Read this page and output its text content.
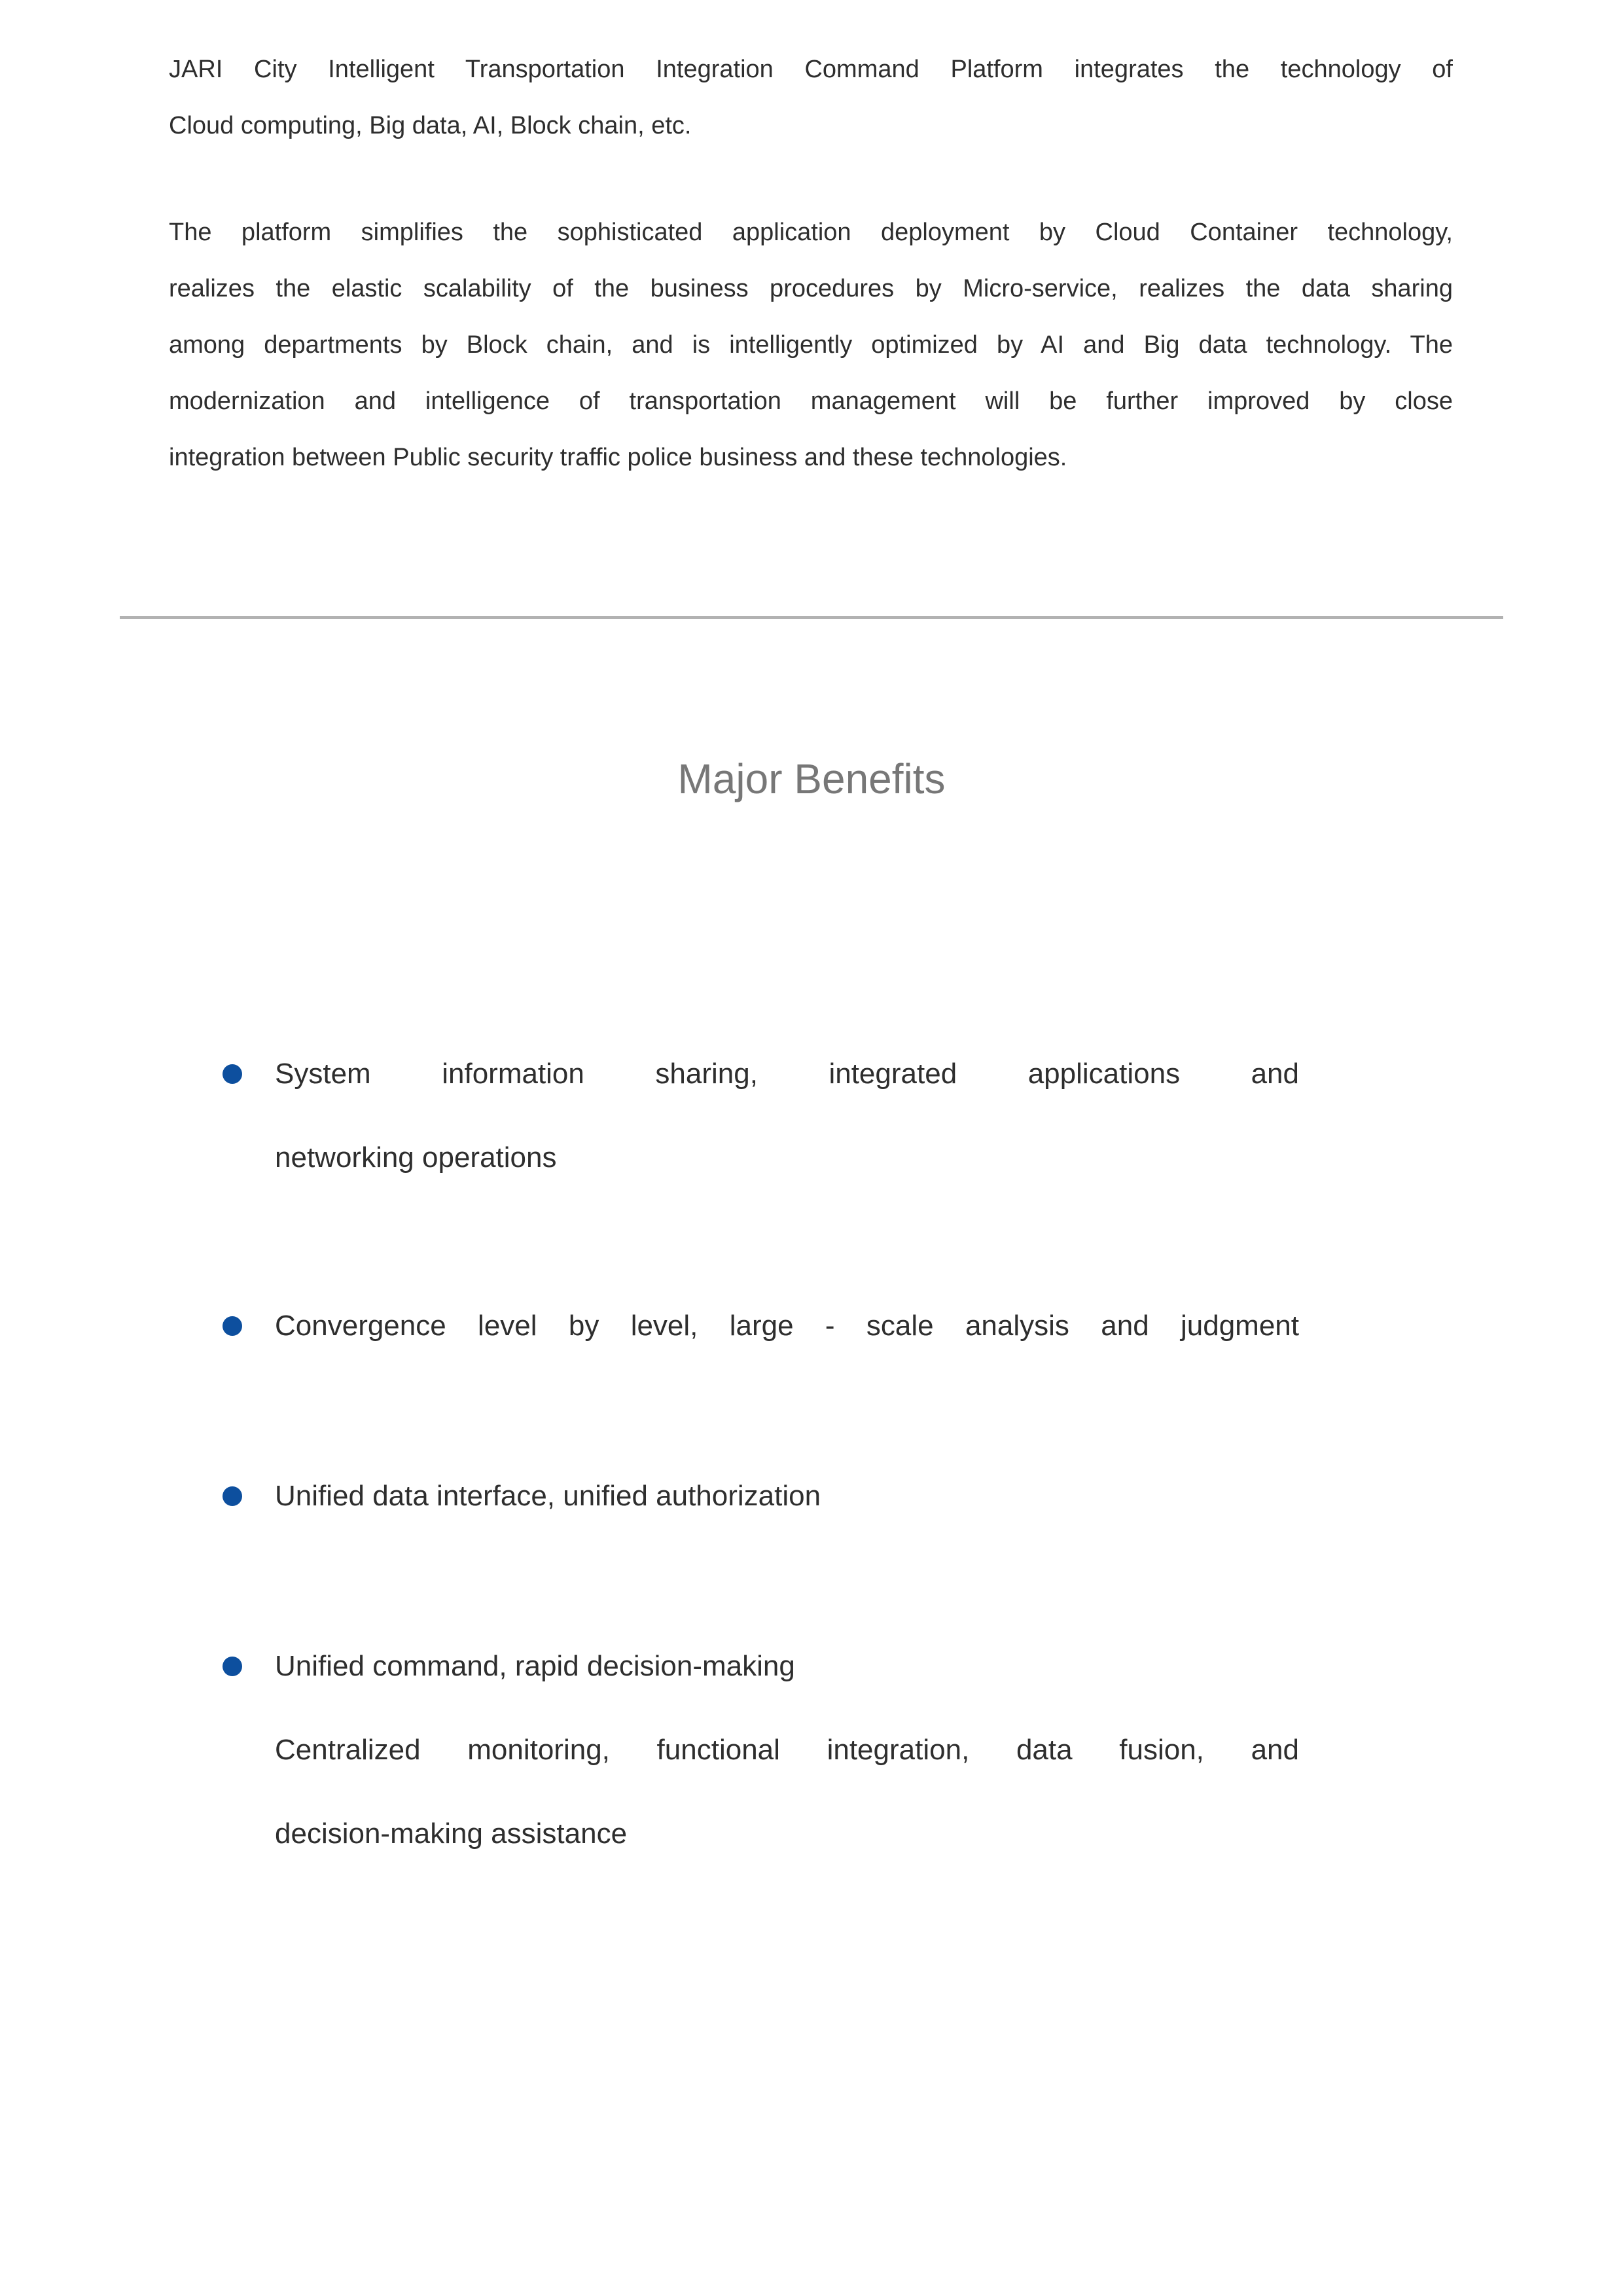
JARI City Intelligent Transportation Integration Command Platform integrates the technology of
Cloud computing, Big data, AI, Block chain, etc.
The platform simplifies the sophisticated application deployment by Cloud Container technology,
realizes the elastic scalability of the business procedures by Micro-service, realizes the data sharing
among departments by Block chain, and is intelligently optimized by AI and Big data technology. The
modernization and intelligence of transportation management will be further improved by close
integration between Public security traffic police business and these technologies.
Major Benefits
System information sharing, integrated applications and
networking operations
Convergence level by level, large - scale analysis and judgment
Unified data interface, unified authorization
Unified command, rapid decision-making
Centralized monitoring, functional integration, data fusion, and
decision-making assistance
